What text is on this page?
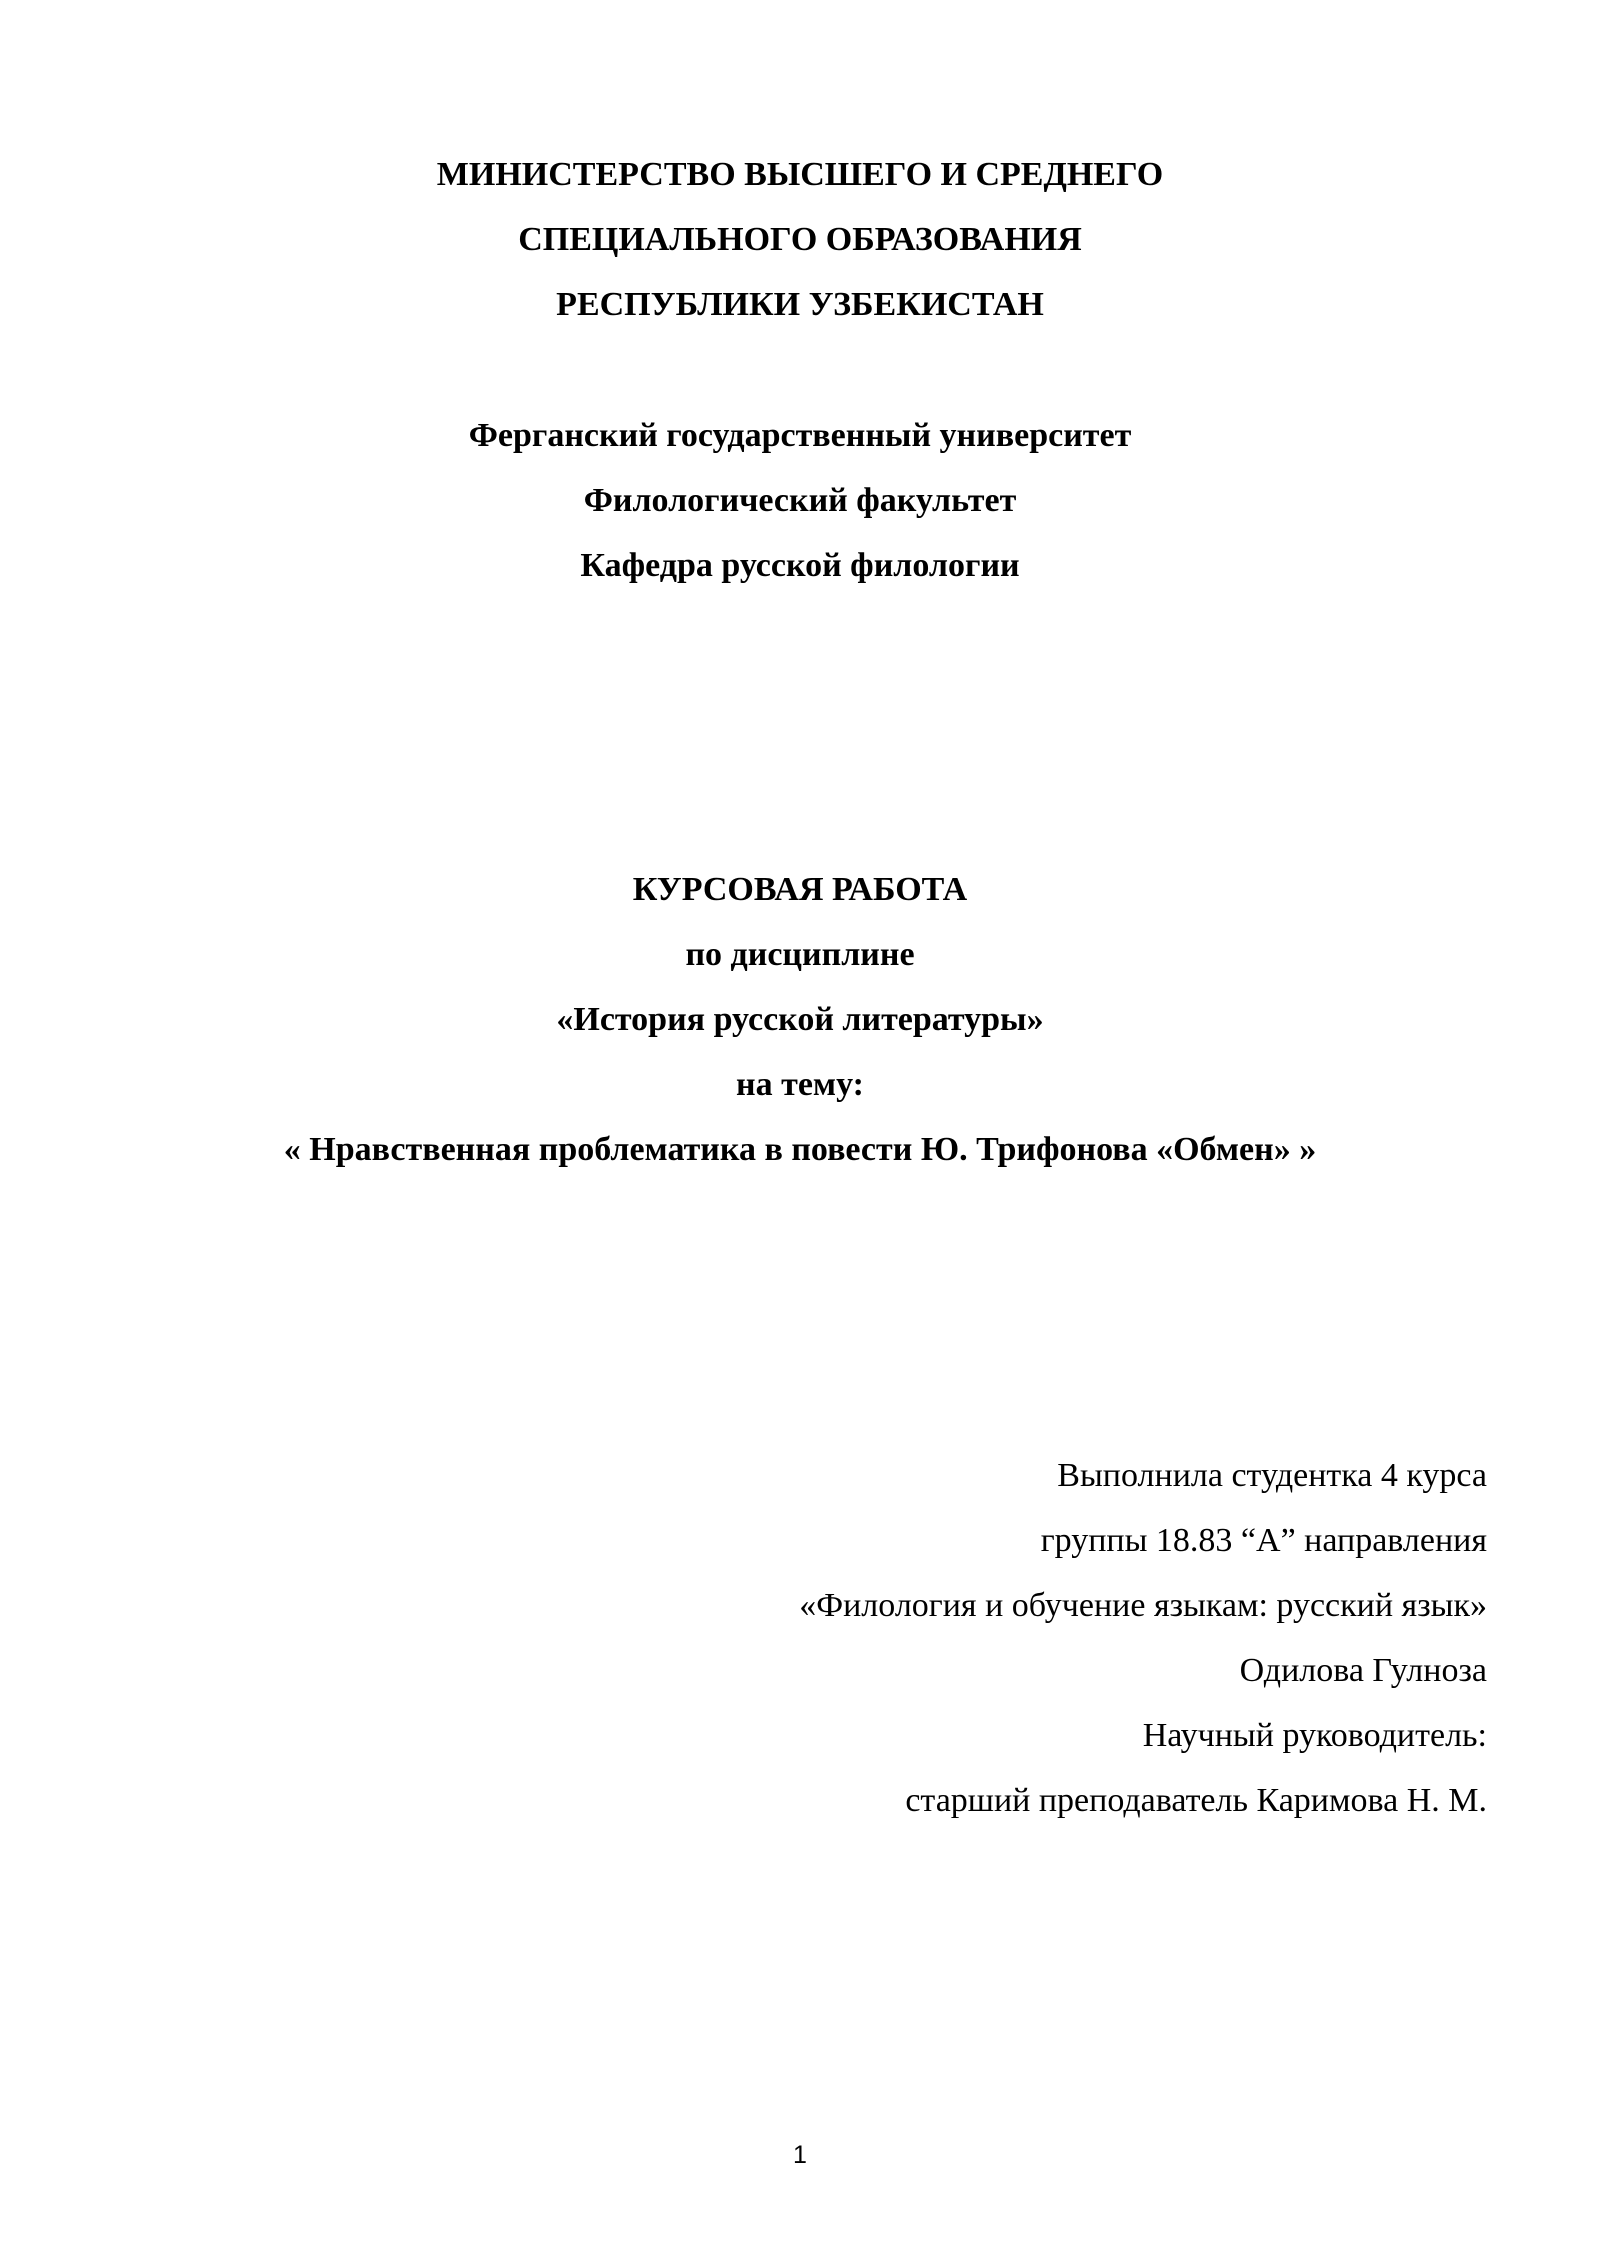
МИНИСТЕРСТВО ВЫСШЕГО И СРЕДНЕГО
СПЕЦИАЛЬНОГО ОБРАЗОВАНИЯ
РЕСПУБЛИКИ УЗБЕКИСТАН
Ферганский государственный университет
Филологический факультет
Кафедра русской филологии
КУРСОВАЯ РАБОТА
по дисциплине
«История русской литературы»
на тему:
« Нравственная проблематика в повести Ю. Трифонова «Обмен» »
Выполнила студентка 4 курса
группы 18.83 “А” направления
«Филология и обучение языкам: русский язык»
Одилова Гулноза
Научный руководитель:
старший преподаватель Каримова Н. М.
1
